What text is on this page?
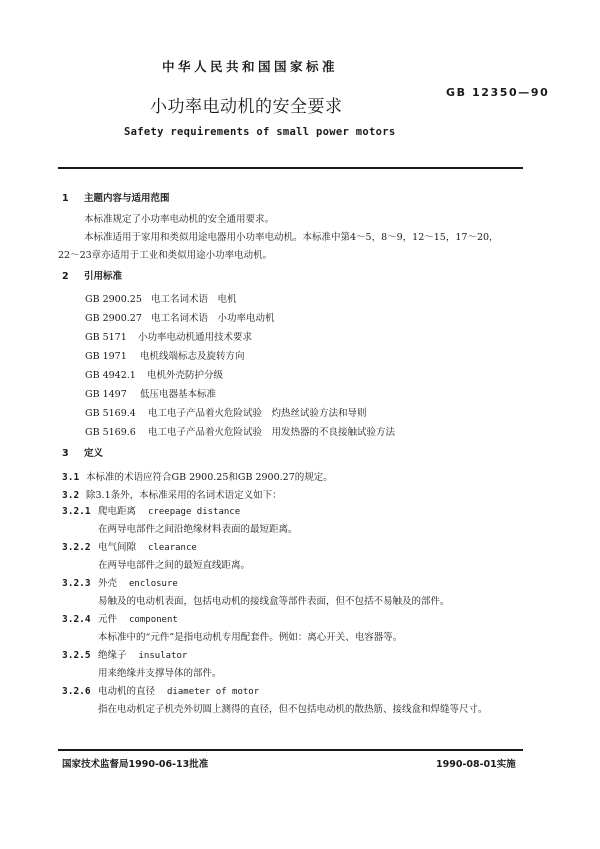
中华人民共和国国家标准
小功率电动机的安全要求
GB 12350—90
Safety requirements of small power motors
1 主题内容与适用范围
本标准规定了小功率电动机的安全通用要求。
本标准适用于家用和类似用途电器用小功率电动机。本标准中第4～5，8～9，12～15，17～20，
22～23章亦适用于工业和类似用途小功率电动机。
2 引用标准
GB 2900.25 电工名词术语　电机
GB 2900.27 电工名词术语　小功率电动机
GB 5171 小功率电动机通用技术要求
GB 1971 电机线端标志及旋转方向
GB 4942.1 电机外壳防护分级
GB 1497 低压电器基本标准
GB 5169.4 电工电子产品着火危险试验　灼热丝试验方法和导则
GB 5169.6 电工电子产品着火危险试验　用发热器的不良接触试验方法
3 定义
3.1 本标准的术语应符合GB 2900.25和GB 2900.27的规定。
3.2 除3.1条外，本标准采用的名词术语定义如下：
3.2.1 爬电距离 creepage distance
在两导电部件之间沿绝缘材料表面的最短距离。
3.2.2 电气间隙 clearance
在两导电部件之间的最短直线距离。
3.2.3 外壳 enclosure
易触及的电动机表面，包括电动机的接线盒等部件表面，但不包括不易触及的部件。
3.2.4 元件 component
本标准中的“元件”是指电动机专用配套件。例如：离心开关、电容器等。
3.2.5 绝缘子 insulator
用来绝缘并支撑导体的部件。
3.2.6 电动机的直径 diameter of motor
指在电动机定子机壳外切圆上测得的直径，但不包括电动机的散热筋、接线盒和焊缝等尺寸。
国家技术监督局1990-06-13批准	1990-08-01实施
